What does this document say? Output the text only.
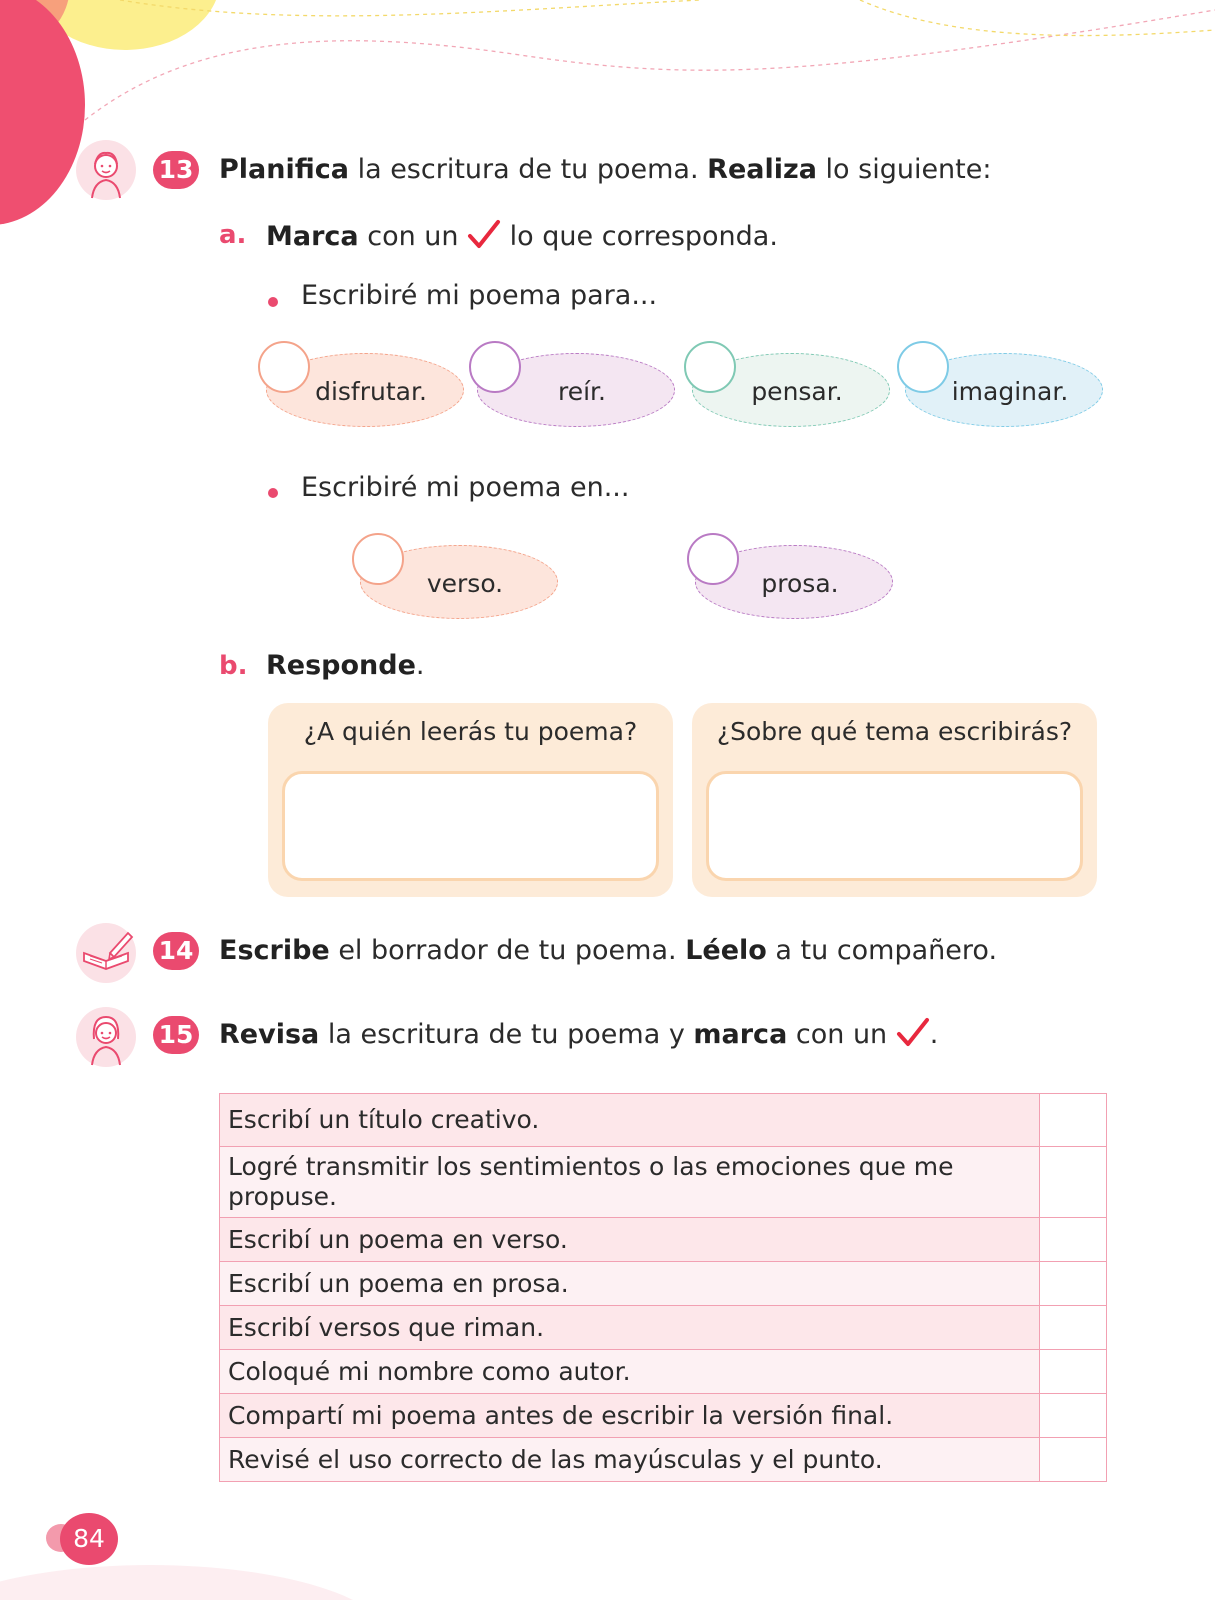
13 Planifica la escritura de tu poema. Realiza lo siguiente:
a. Marca con un  lo que corresponda.
Escribiré mi poema para...
disfrutar.	reír.	pensar.	imaginar.
Escribiré mi poema en...
verso.	prosa.
b. Responde.
¿A quién leerás tu poema?	¿Sobre qué tema escribirás?
14 Escribe el borrador de tu poema. Léelo a tu compañero.
15 Revisa la escritura de tu poema y marca con un .
Escribí un título creativo.	
Logré transmitir los sentimientos o las emociones que me propuse.	
Escribí un poema en verso.	
Escribí un poema en prosa.	
Escribí versos que riman.	
Coloqué mi nombre como autor.	
Compartí mi poema antes de escribir la versión final.	
Revisé el uso correcto de las mayúsculas y el punto.	
84
